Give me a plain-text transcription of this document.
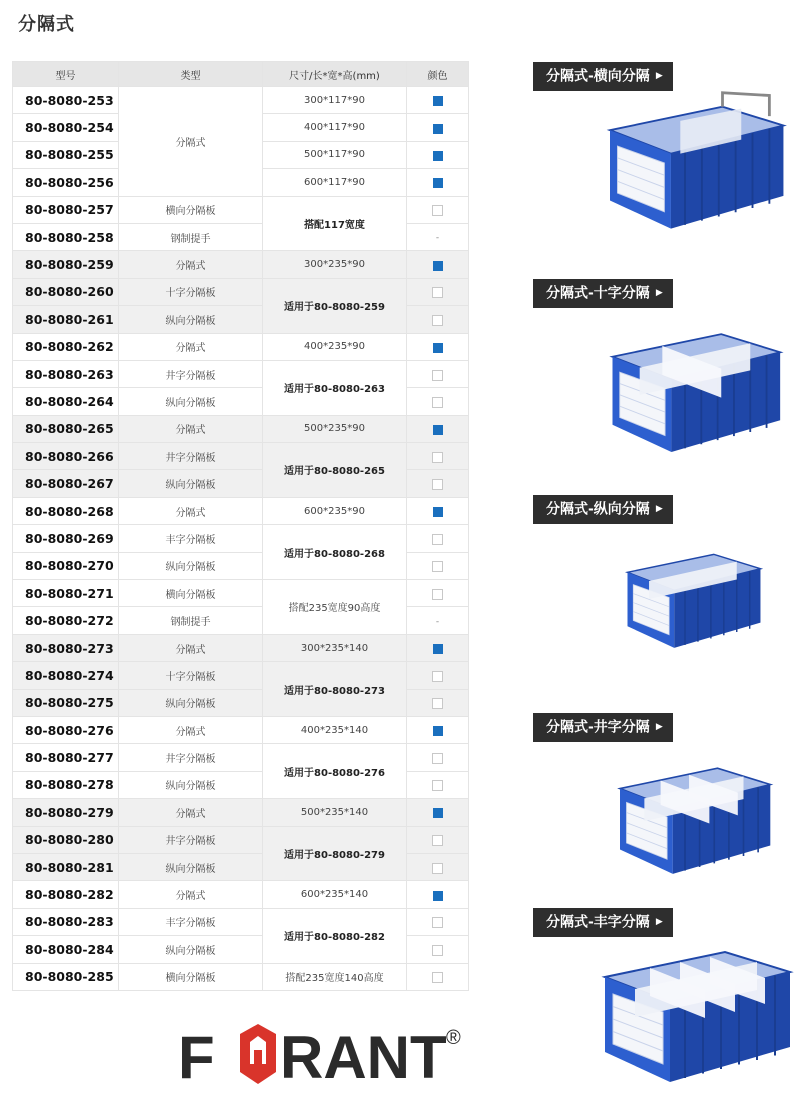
分隔式
型号	类型	尺寸/长*宽*高(mm)	颜色
80-8080-253	分隔式	300*117*90	
80-8080-254		400*117*90	
80-8080-255		500*117*90	
80-8080-256		600*117*90	
80-8080-257	横向分隔板	搭配117宽度	
80-8080-258	钢制提手		-
80-8080-259	分隔式	300*235*90	
80-8080-260	十字分隔板	适用于80-8080-259	
80-8080-261	纵向分隔板		
80-8080-262	分隔式	400*235*90	
80-8080-263	井字分隔板	适用于80-8080-263	
80-8080-264	纵向分隔板		
80-8080-265	分隔式	500*235*90	
80-8080-266	井字分隔板	适用于80-8080-265	
80-8080-267	纵向分隔板		
80-8080-268	分隔式	600*235*90	
80-8080-269	丰字分隔板	适用于80-8080-268	
80-8080-270	纵向分隔板		
80-8080-271	横向分隔板	搭配235宽度90高度	
80-8080-272	钢制提手		-
80-8080-273	分隔式	300*235*140	
80-8080-274	十字分隔板	适用于80-8080-273	
80-8080-275	纵向分隔板		
80-8080-276	分隔式	400*235*140	
80-8080-277	井字分隔板	适用于80-8080-276	
80-8080-278	纵向分隔板		
80-8080-279	分隔式	500*235*140	
80-8080-280	井字分隔板	适用于80-8080-279	
80-8080-281	纵向分隔板		
80-8080-282	分隔式	600*235*140	
80-8080-283	丰字分隔板	适用于80-8080-282	
80-8080-284	纵向分隔板		
80-8080-285	横向分隔板	搭配235宽度140高度	
分隔式-横向分隔 ▶
分隔式-十字分隔 ▶
分隔式-纵向分隔 ▶
分隔式-井字分隔 ▶
分隔式-丰字分隔 ▶
F RANT ®
